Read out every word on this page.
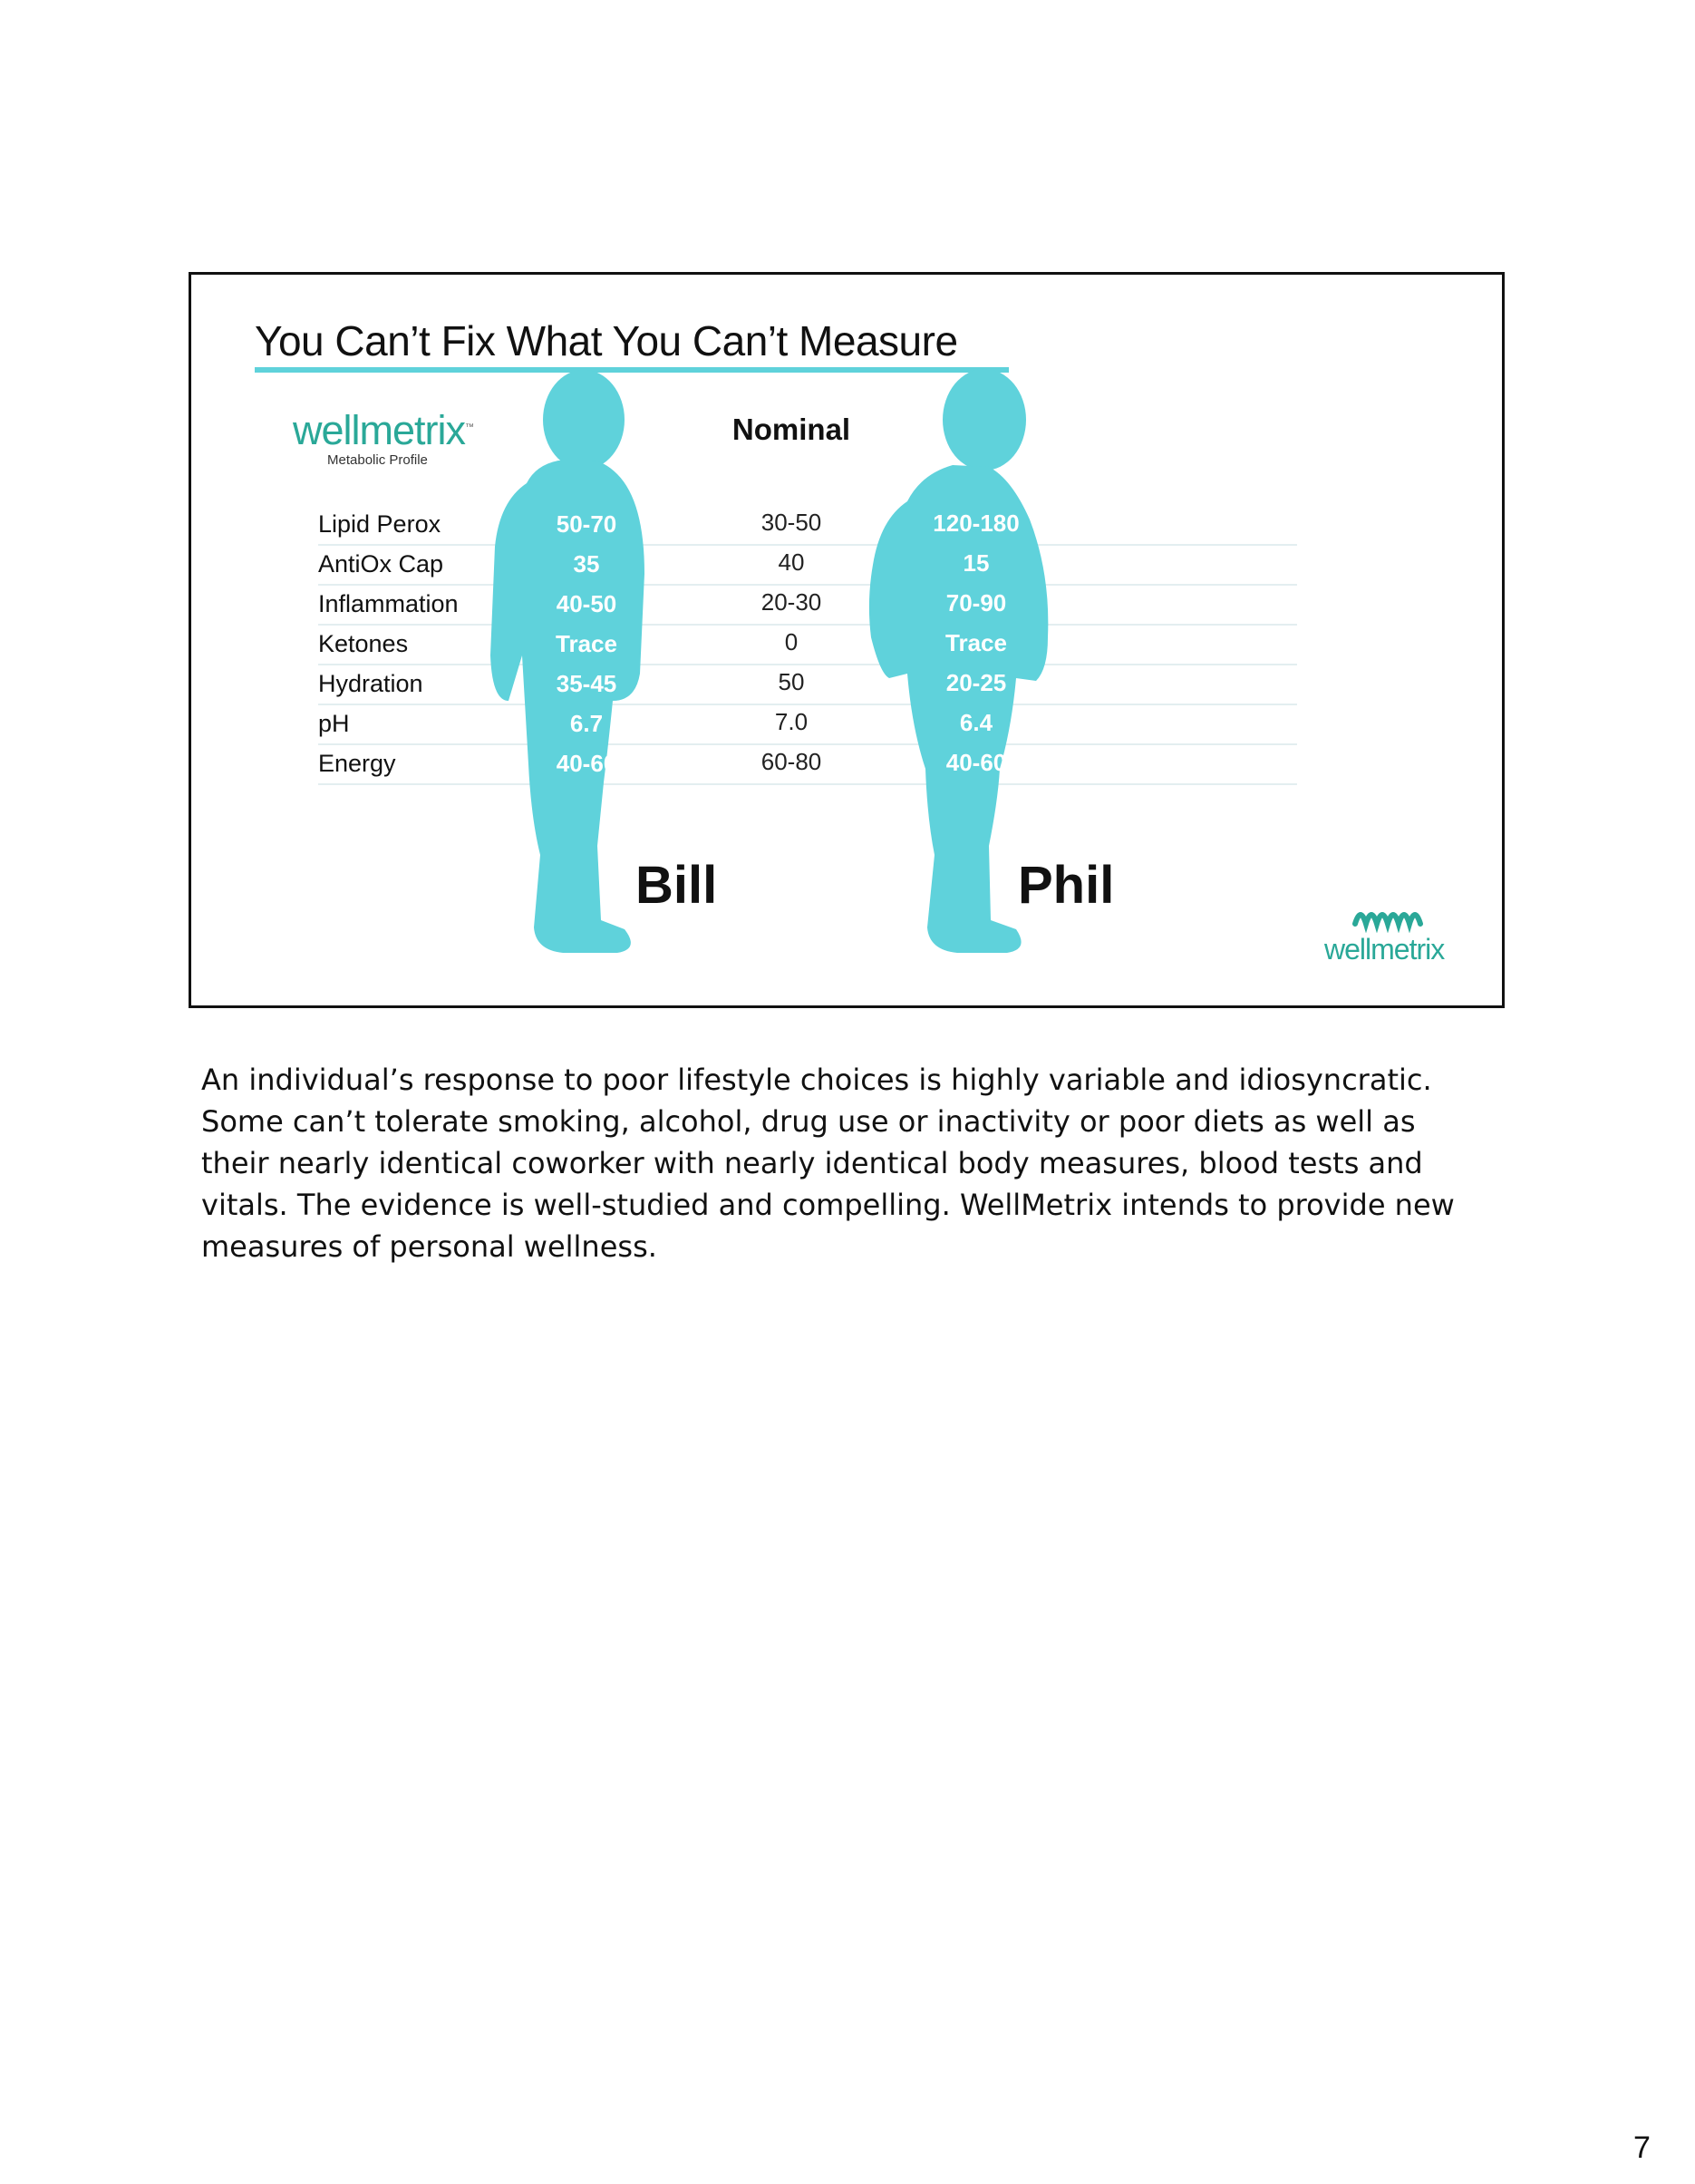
You Can’t Fix What You Can’t Measure
wellmetrix™
Metabolic Profile
Nominal
Lipid Perox
AntiOx Cap
Inflammation
Ketones
Hydration
pH
Energy
50-70
35
40-50
Trace
35-45
6.7
40-60
30-50
40
20-30
0
50
7.0
60-80
120-180
15
70-90
Trace
20-25
6.4
40-60
Bill	Phil
wellmetrix
An individual’s response to poor lifestyle choices is highly variable and idiosyncratic. Some can’t tolerate smoking, alcohol, drug use or inactivity or poor diets as well as their nearly identical coworker with nearly identical body measures, blood tests and vitals. The evidence is well-studied and compelling. WellMetrix intends to provide new measures of personal wellness.
7
